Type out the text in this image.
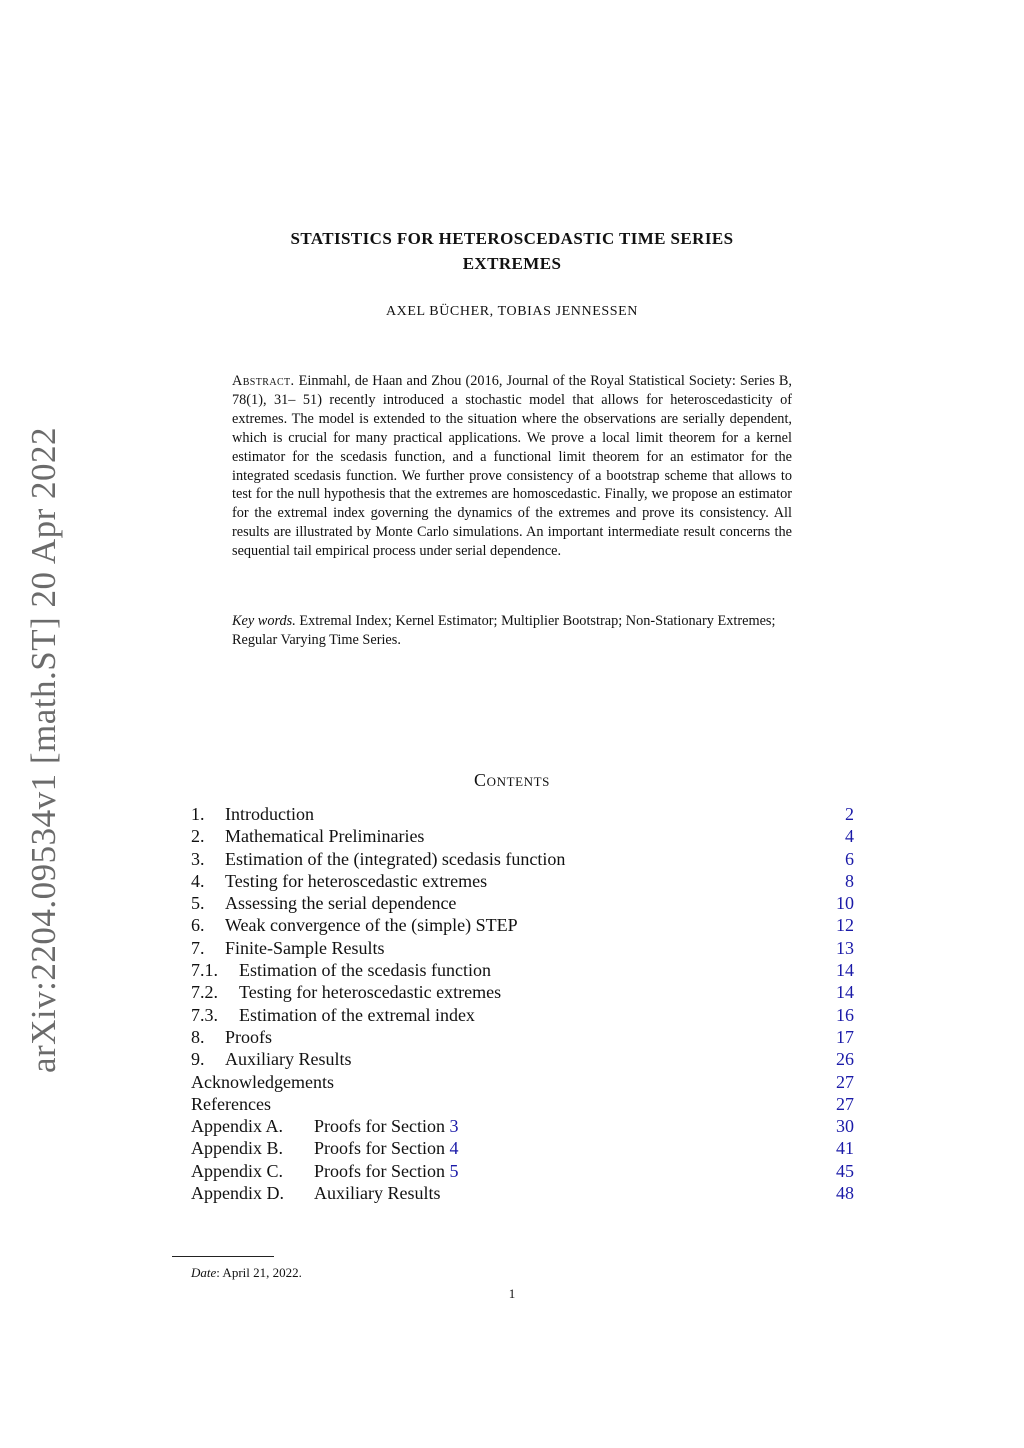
arXiv:2204.09534v1 [math.ST] 20 Apr 2022
STATISTICS FOR HETEROSCEDASTIC TIME SERIES
EXTREMES
AXEL BÜCHER, TOBIAS JENNESSEN
Abstract. Einmahl, de Haan and Zhou (2016, Journal of the Royal Statistical Society: Series B, 78(1), 31– 51) recently introduced a stochastic model that allows for heteroscedasticity of extremes. The model is extended to the situation where the observations are serially dependent, which is crucial for many practical applications. We prove a local limit theorem for a kernel estimator for the scedasis function, and a functional limit theorem for an estimator for the integrated scedasis function. We further prove consistency of a bootstrap scheme that allows to test for the null hypothesis that the extremes are homoscedastic. Finally, we propose an estimator for the extremal index governing the dynamics of the extremes and prove its consistency. All results are illustrated by Monte Carlo simulations. An important intermediate result concerns the sequential tail empirical process under serial dependence.
Key words. Extremal Index; Kernel Estimator; Multiplier Bootstrap; Non-Stationary Extremes; Regular Varying Time Series.
Contents
1. Introduction	2
2. Mathematical Preliminaries	4
3. Estimation of the (integrated) scedasis function	6
4. Testing for heteroscedastic extremes	8
5. Assessing the serial dependence	10
6. Weak convergence of the (simple) STEP	12
7. Finite-Sample Results	13
7.1. Estimation of the scedasis function	14
7.2. Testing for heteroscedastic extremes	14
7.3. Estimation of the extremal index	16
8. Proofs	17
9. Auxiliary Results	26
Acknowledgements	27
References	27
Appendix A. Proofs for Section 3	30
Appendix B. Proofs for Section 4	41
Appendix C. Proofs for Section 5	45
Appendix D. Auxiliary Results	48
Date: April 21, 2022.
1
